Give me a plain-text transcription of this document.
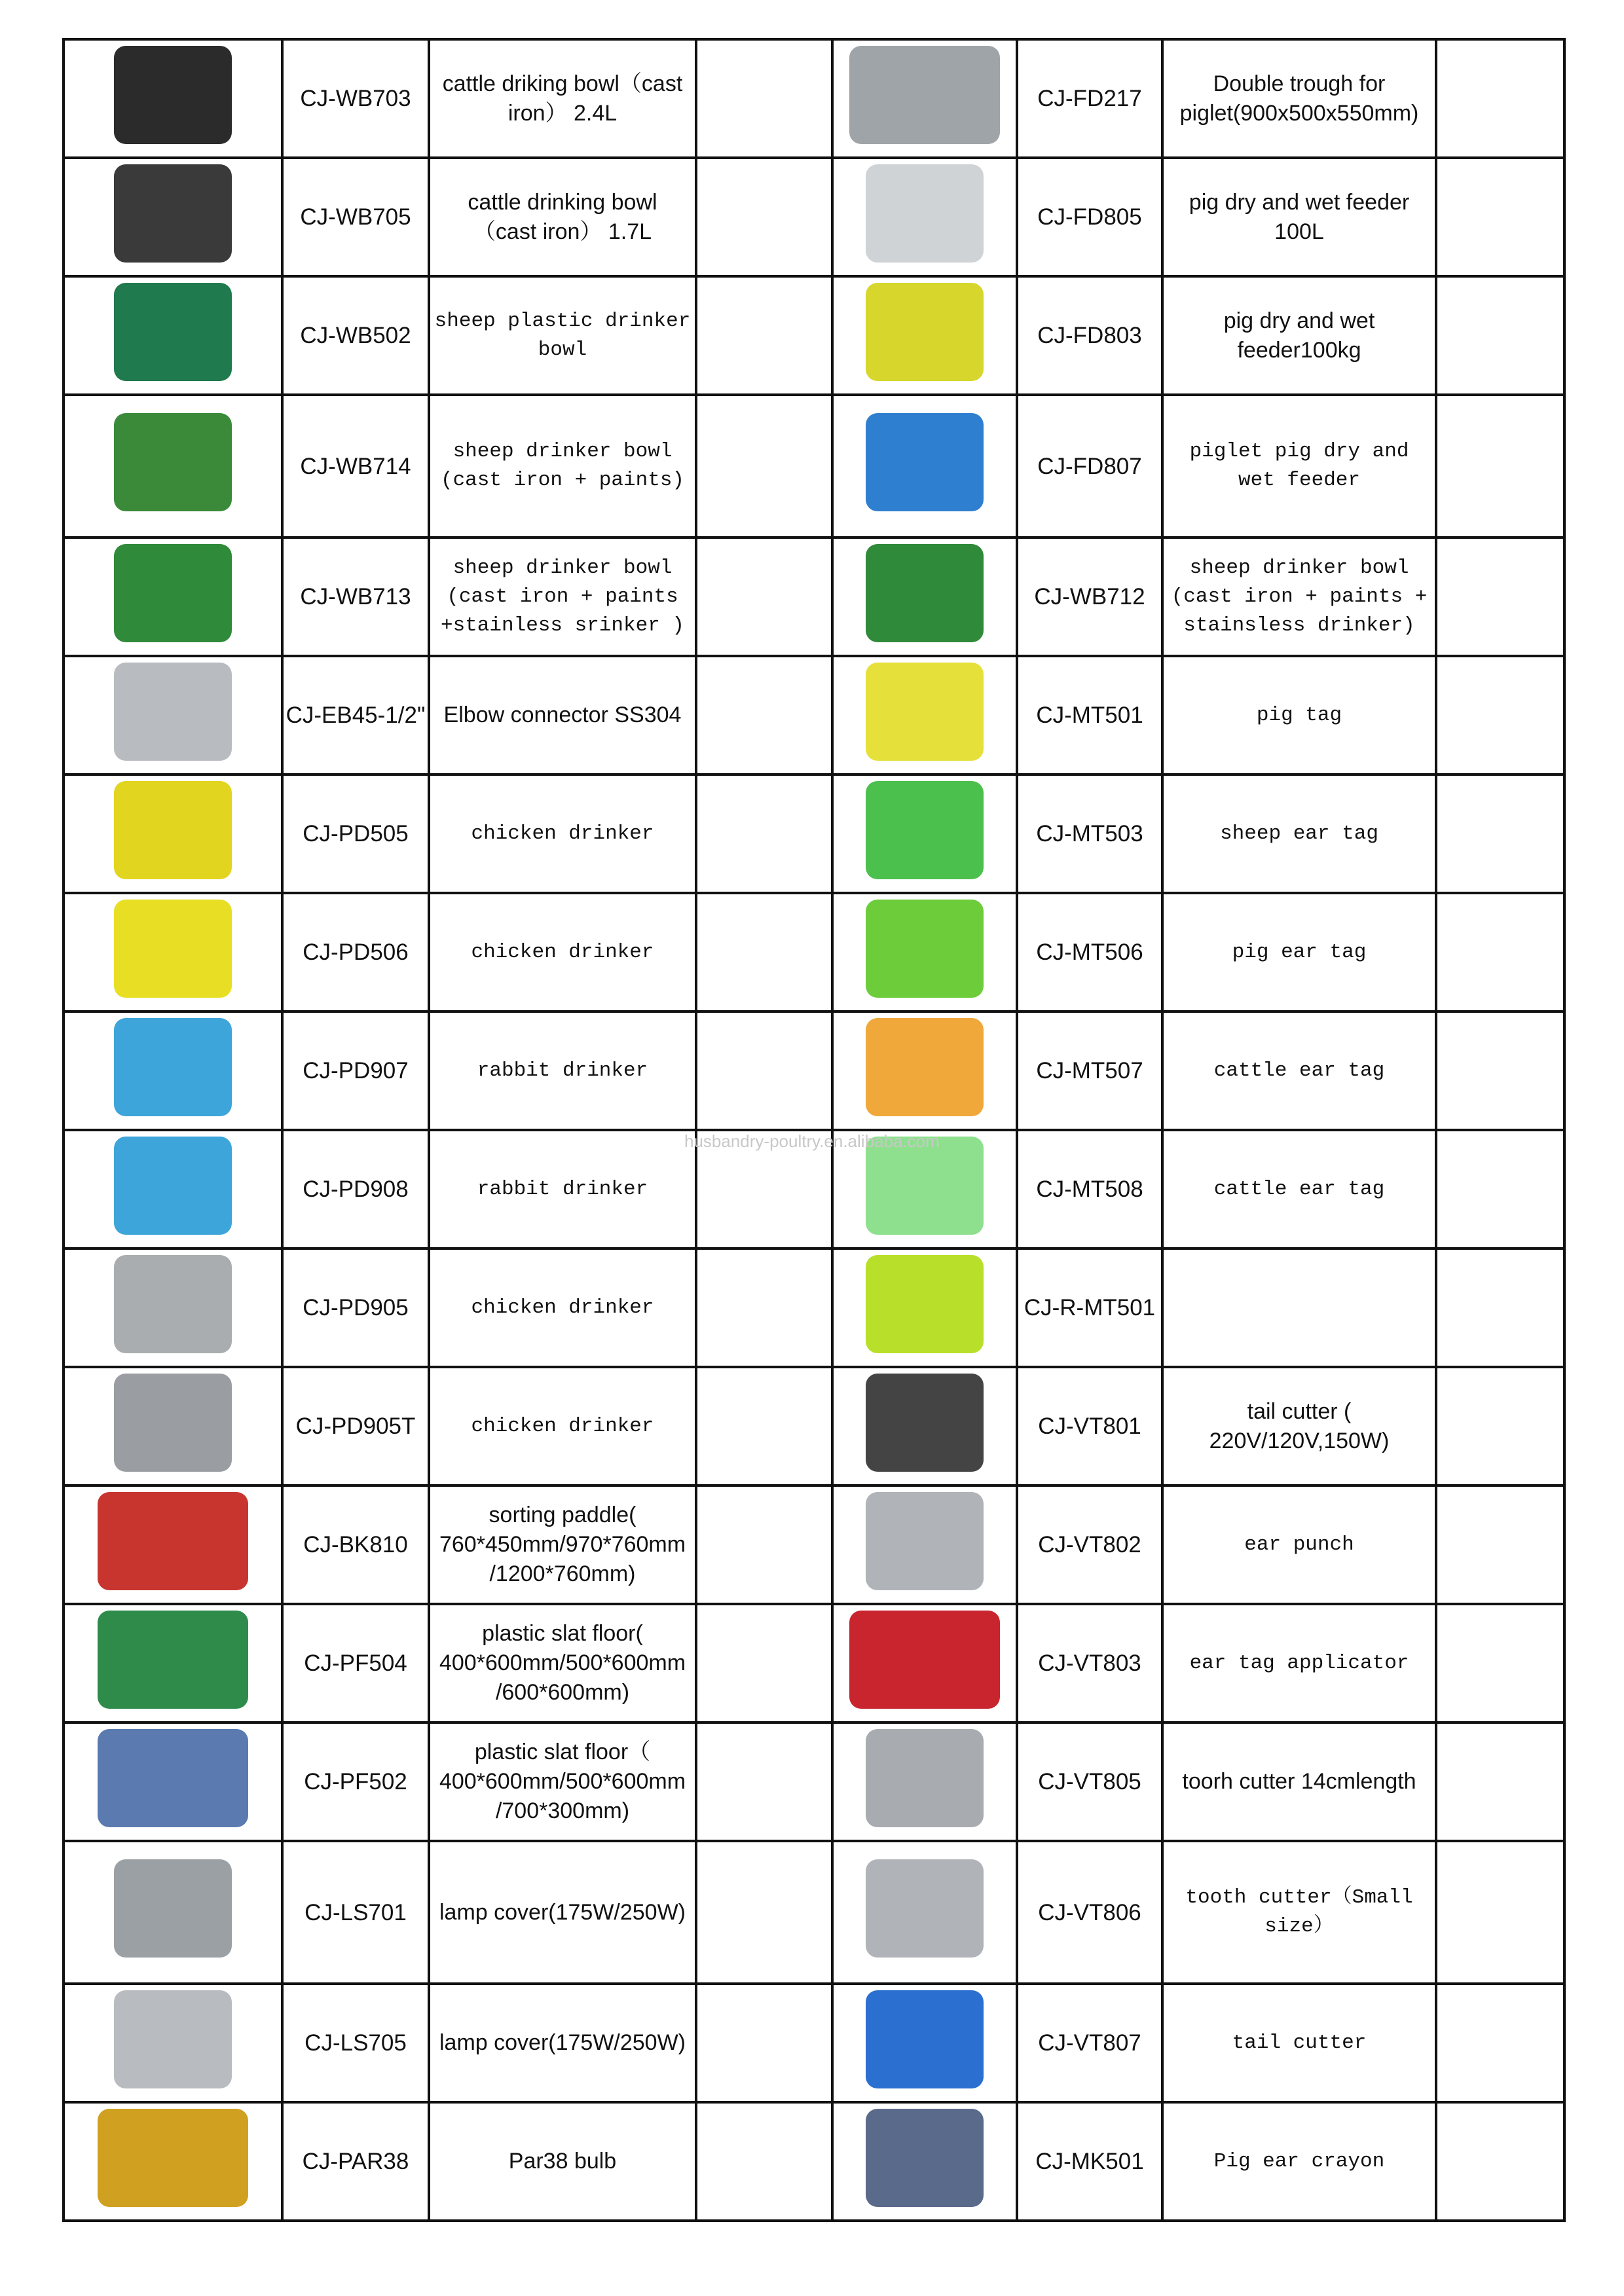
	CJ-WB703	cattle driking bowl（cast iron） 2.4L			CJ-FD217	Double trough for piglet(900x500x550mm)	
	CJ-WB705	cattle drinking bowl （cast iron） 1.7L			CJ-FD805	pig dry and wet feeder 100L	
	CJ-WB502	sheep plastic drinker bowl			CJ-FD803	pig dry and wet feeder100kg	
	CJ-WB714	sheep drinker bowl (cast iron + paints)			CJ-FD807	piglet pig dry and wet feeder	
	CJ-WB713	sheep drinker bowl (cast iron + paints +stainless srinker )			CJ-WB712	sheep drinker bowl (cast iron + paints + stainsless drinker)	
	CJ-EB45-1/2"	Elbow connector SS304			CJ-MT501	pig tag	
	CJ-PD505	chicken drinker			CJ-MT503	sheep ear tag	
	CJ-PD506	chicken drinker			CJ-MT506	pig ear tag	
	CJ-PD907	rabbit drinker			CJ-MT507	cattle ear tag	
	CJ-PD908	rabbit drinker			CJ-MT508	cattle ear tag	
	CJ-PD905	chicken drinker			CJ-R-MT501		
	CJ-PD905T	chicken drinker			CJ-VT801	tail cutter ( 220V/120V,150W)	
	CJ-BK810	sorting paddle( 760*450mm/970*760mm /1200*760mm)			CJ-VT802	ear punch	
	CJ-PF504	plastic slat floor( 400*600mm/500*600mm /600*600mm)			CJ-VT803	ear tag applicator	
	CJ-PF502	plastic slat floor（ 400*600mm/500*600mm /700*300mm)			CJ-VT805	toorh cutter 14cmlength	
	CJ-LS701	lamp cover(175W/250W)			CJ-VT806	tooth cutter（Small size）	
	CJ-LS705	lamp cover(175W/250W)			CJ-VT807	tail cutter	
	CJ-PAR38	Par38 bulb			CJ-MK501	Pig ear crayon	
husbandry-poultry.en.alibaba.com
